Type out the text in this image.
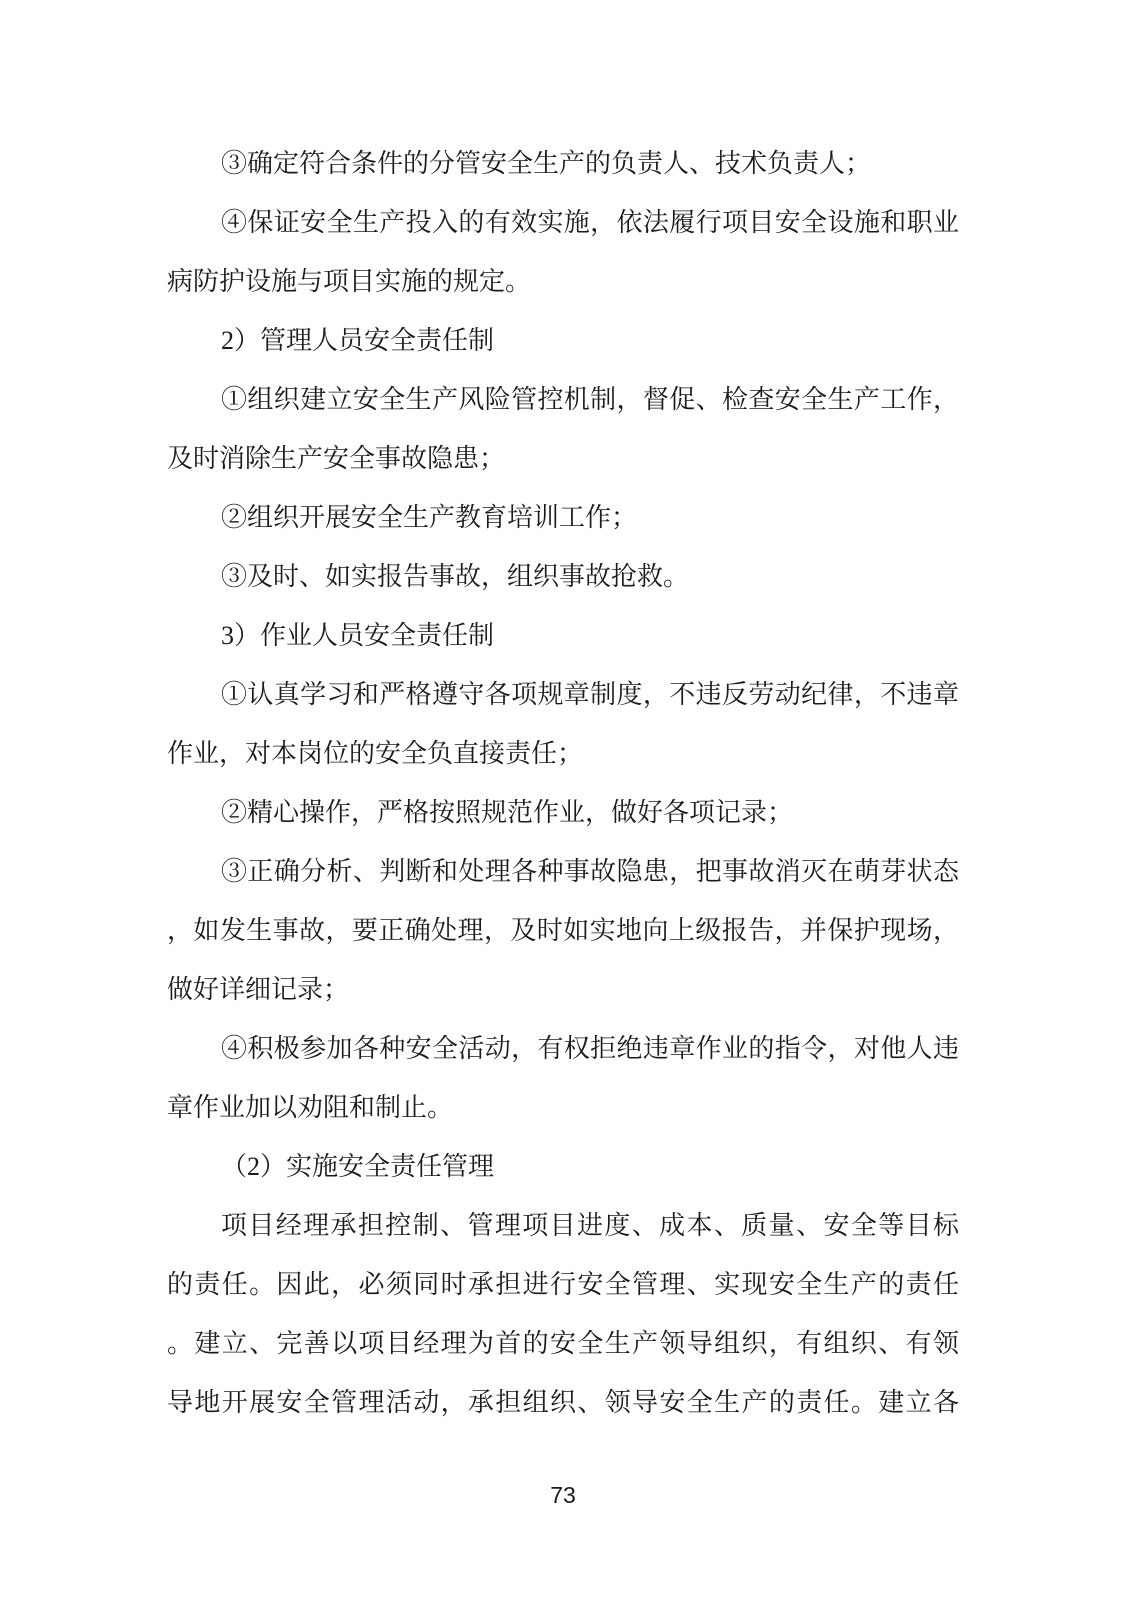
③确定符合条件的分管安全生产的负责人、技术负责人；
④保证安全生产投入的有效实施，依法履行项目安全设施和职业
病防护设施与项目实施的规定。
2）管理人员安全责任制
①组织建立安全生产风险管控机制，督促、检查安全生产工作，
及时消除生产安全事故隐患；
②组织开展安全生产教育培训工作；
③及时、如实报告事故，组织事故抢救。
3）作业人员安全责任制
①认真学习和严格遵守各项规章制度，不违反劳动纪律，不违章
作业，对本岗位的安全负直接责任；
②精心操作，严格按照规范作业，做好各项记录；
③正确分析、判断和处理各种事故隐患，把事故消灭在萌芽状态
，如发生事故，要正确处理，及时如实地向上级报告，并保护现场，
做好详细记录；
④积极参加各种安全活动，有权拒绝违章作业的指令，对他人违
章作业加以劝阻和制止。
（2）实施安全责任管理
项目经理承担控制、管理项目进度、成本、质量、安全等目标
的责任。因此，必须同时承担进行安全管理、实现安全生产的责任
。建立、完善以项目经理为首的安全生产领导组织，有组织、有领
导地开展安全管理活动，承担组织、领导安全生产的责任。建立各
73
